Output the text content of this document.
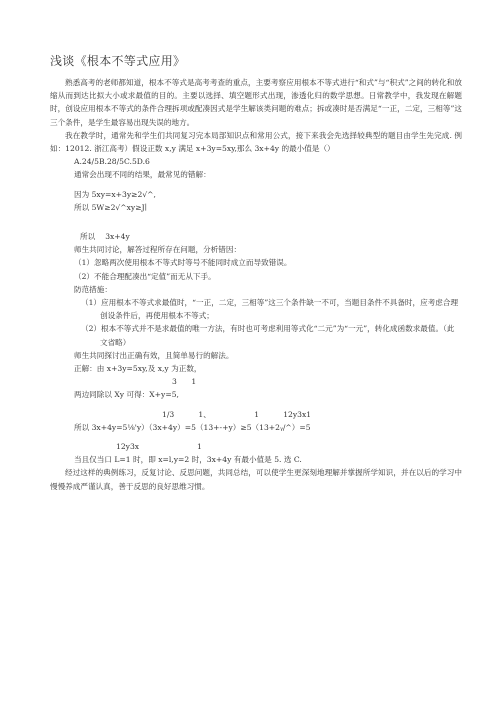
浅谈《根本不等式应用》

熟悉高考的老师都知道，根本不等式是高考考查的重点，主要考察应用根本不等式进行“和式”与“积式”之间的转化和放缩从而到达比拟大小或求最值的目的。主要以选择、填空题形式出现，渗透化归的数学思想。日常教学中，我发现在解题时，创设应用根本不等式的条件合理拆项或配凑因式是学生解该类问题的难点；拆或凑时是否满足“一正，二定，三相等”这三个条件，是学生最容易出现失误的地方。

我在教学时，通常先和学生们共同复习完本局部知识点和常用公式，接下来我会先选择较典型的题目由学生先完成. 例如：12012. 浙江高考）假设正数 x,y 满足 x+3y=5xy,那么 3x+4y 的最小值是（）

A.24/5B.28/5C.5D.6

通常会出现不同的结果，最常见的错解：

因为 5xy=x+3y≥2√^,

所以 5W≥2√^xy≥J∣

所以　 3x+4y

师生共同讨论，解答过程所存在问题，分析错因：

（1）忽略两次使用根本不等式时等号不能同时成立而导致错误。

（2）不能合理配凑出“定值”而无从下手。

防范措施：

（1）应用根本不等式求最值时，“一正，二定，三相等”这三个条件缺一不可，当题目条件不具备时，应考虑合理创设条件后，再使用根本不等式；

（2）根本不等式并不是求最值的唯一方法，有时也可考虑利用等式化“二元”为“一元”，转化成函数求最值。（此文省略）

师生共同探讨出正确有效，且简单易行的解法。

正解：由 x+3y=5xy,及 x,y 为正数，

3      1

两边同除以 Xy 可得：X+y=5,

1/3          1、                  1          12y3x1

所以 3x+4y=5⅛'y）（3x+4y）=5（13+-+y）≥5（13+2ᵧ/^）=5

12y3x                        1

当且仅当口 L=1 时，即 x=l,y=2 时，3x+4y 有最小值是 5. 选 C.

经过这样的典例练习，反复讨论、反思问题，共同总结，可以使学生更深刻地理解并掌握所学知识，并在以后的学习中慢慢养成严谨认真，善于反思的良好思维习惯。
